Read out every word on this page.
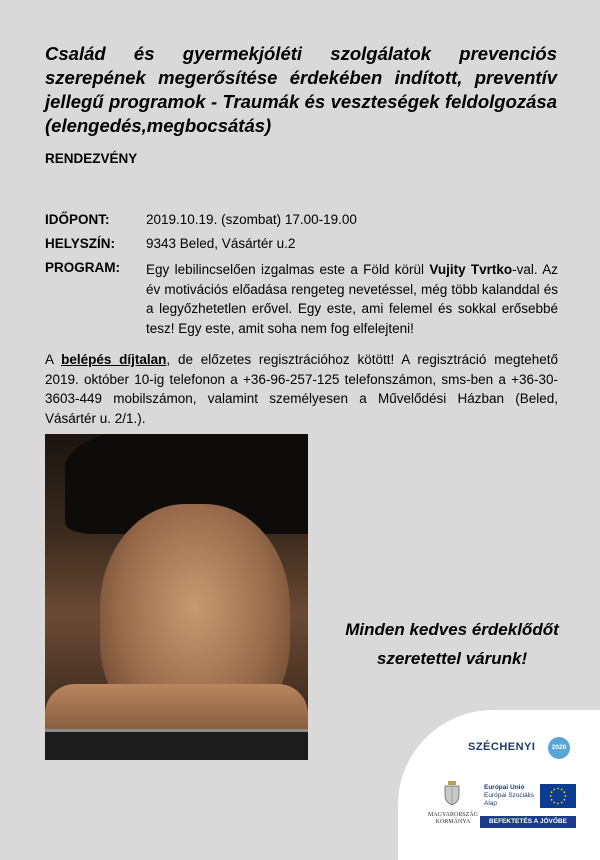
Család és gyermekjóléti szolgálatok prevenciós szerepének megerősítése érdekében indított, preventív jellegű programok - Traumák és veszteségek feldolgozása (elengedés,megbocsátás)
RENDEZVÉNY
IDŐPONT:	2019.10.19. (szombat) 17.00-19.00
HELYSZÍN: 9343 Beled, Vásártér u.2
PROGRAM: Egy lebilincselően izgalmas este a Föld körül Vujity Tvrtko-val. Az év motivációs előadása rengeteg nevetéssel, még több kalanddal és a legyőzhetetlen erővel. Egy este, ami felemel és sokkal erősebbé tesz! Egy este, amit soha nem fog elfelejteni!
A belépés díjtalan, de előzetes regisztrációhoz kötött! A regisztráció megtehető 2019. október 10-ig telefonon a +36-96-257-125 telefonszámon, sms-ben a +36-30-3603-449 mobilszámon, valamint személyesen a Művelődési Házban (Beled, Vásártér u. 2/1.).
Minden kedves érdeklődőt
szeretettel várunk!
SZÉCHENYI	2020
MAGYARORSZÁG
KORMÁNYA
Európai Unió
Európai Szociális
Alap
BEFEKTETÉS A JÖVŐBE
